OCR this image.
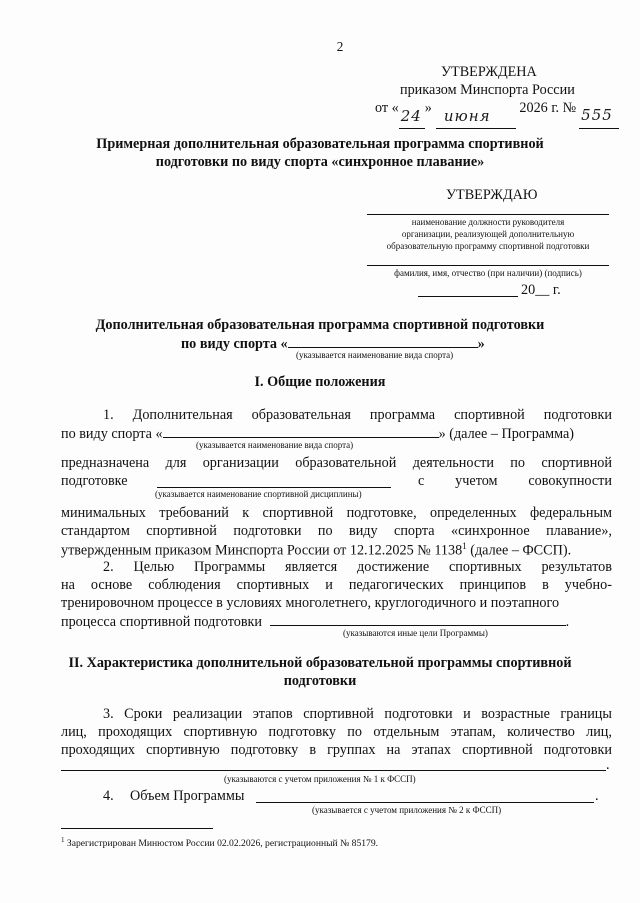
2
УТВЕРЖДЕНА
приказом Минспорта России
от « 24 » июня 2026 г. № 555
Примерная дополнительная образовательная программа спортивной
подготовки по виду спорта «синхронное плавание»
УТВЕРЖДАЮ
наименование должности руководителя
организации, реализующей дополнительную
образовательную программу спортивной подготовки
фамилия, имя, отчество (при наличии) (подпись)
20__ г.
Дополнительная образовательная программа спортивной подготовки
по виду спорта «	»
(указывается наименование вида спорта)
I. Общие положения
1. Дополнительная образовательная программа спортивной подготовки
по виду спорта «	» (далее – Программа)
(указывается наименование вида спорта)
предназначена для организации образовательной деятельности по спортивной
подготовке	с учетом совокупности
(указывается наименование спортивной дисциплины)
минимальных требований к спортивной подготовке, определенных федеральным
стандартом спортивной подготовки по виду спорта «синхронное плавание»,
утвержденным приказом Минспорта России от 12.12.2025 № 1138$^1$ (далее – ФССП).
2. Целью Программы является достижение спортивных результатов
на основе соблюдения спортивных и педагогических принципов в учебно-
тренировочном процессе в условиях многолетнего, круглогодичного и поэтапного
процесса спортивной подготовки	.
(указываются иные цели Программы)
II. Характеристика дополнительной образовательной программы спортивной
подготовки
3. Сроки реализации этапов спортивной подготовки и возрастные границы
лиц, проходящих спортивную подготовку по отдельным этапам, количество лиц,
проходящих спортивную подготовку в группах на этапах спортивной подготовки
.
(указываются с учетом приложения № 1 к ФССП)
4. Объем Программы	.
(указывается с учетом приложения № 2 к ФССП)
$^1$ Зарегистрирован Минюстом России 02.02.2026, регистрационный № 85179.
